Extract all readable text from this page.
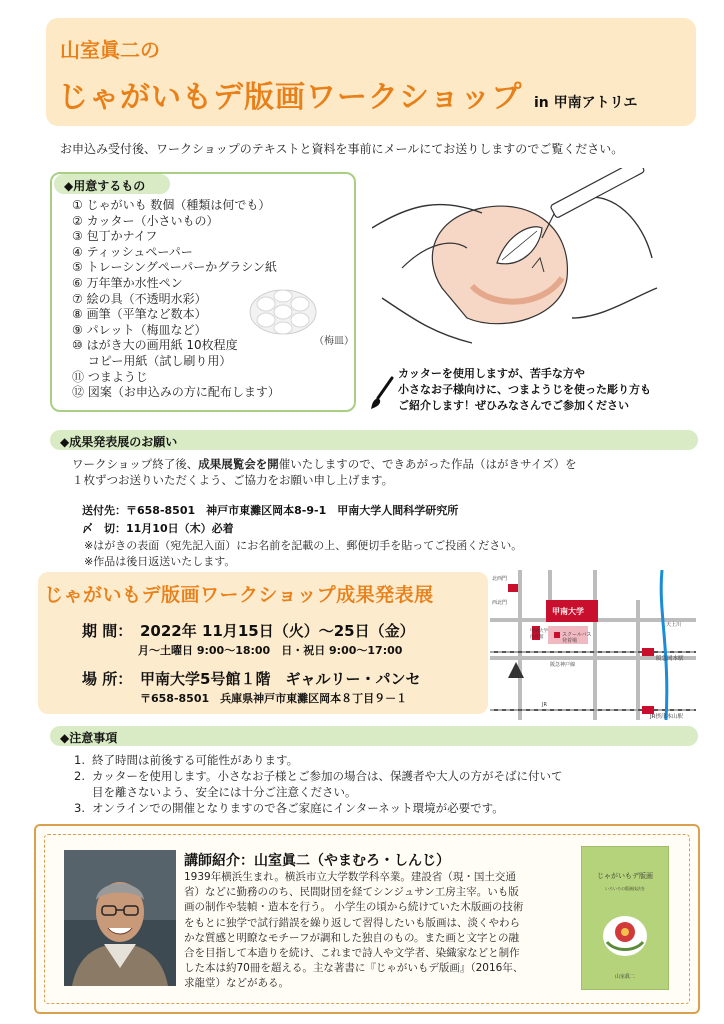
山室眞二の
じゃがいもデ版画ワークショップ in 甲南アトリエ
お申込み受付後、ワークショップのテキストと資料を事前にメールにてお送りしますのでご覧ください。
① じゃがいも 数個（種類は何でも）
② カッター（小さいもの）
③ 包丁かナイフ
④ ティッシュペーパー
⑤ トレーシングペーパーかグラシン紙
⑥ 万年筆か水性ペン
⑦ 絵の具（不透明水彩）
⑧ 画筆（平筆など数本）
⑨ パレット（梅皿など）
⑩ はがき大の画用紙 10枚程度
　 コピー用紙（試し刷り用）
⑪ つまようじ
⑫ 図案（お申込みの方に配布します）
（梅皿）
◆用意するもの
カッターを使用しますが、苦手な方や
小さなお子様向けに、つまようじを使った彫り方も
ご紹介します！ぜひみなさんでご参加ください
◆成果発表展のお願い
ワークショップ終了後、成果展覧会を開催いたしますので、できあがった作品（はがきサイズ）を
１枚ずつお送りいただくよう、ご協力をお願い申し上げます。
送付先：〒658-8501　神戸市東灘区岡本8-9-1　甲南大学人間科学研究所
〆　切：11月10日（木）必着
※はがきの表面（宛先記入面）にお名前を記載の上、郵便切手を貼ってご投函ください。
※作品は後日返送いたします。
じゃがいもデ版画ワークショップ成果発表展
期 間： 2022年 11月15日（火）～25日（金）
月～土曜日 9:00～18:00　日・祝日 9:00～17:00
場 所： 甲南大学5号館１階　ギャルリー・パンセ
〒658-8501　兵庫県神戸市東灘区岡本８丁目９－１
甲南大学
スクールバス
発着場
甲南大学
体育館
北西門
西北門
阪急神戸線
阪急岡本駅
JR
JR摂津本山駅
天上川
◆注意事項
1. 終了時間は前後する可能性があります。
2. カッターを使用します。小さなお子様とご参加の場合は、保護者や大人の方がそばに付いて
目を離さないよう、安全には十分ご注意ください。
3. オンラインでの開催となりますので各ご家庭にインターネット環境が必要です。
講師紹介：山室眞二（やまむろ・しんじ）

1939年横浜生まれ。横浜市立大学数学科卒業。建設省（現・国土交通

省）などに勤務ののち、民間財団を経てシンジュサン工房主宰。いも版

画の制作や装幀・造本を行う。 小学生の頃から続けていた木版画の技術

をもとに独学で試行錯誤を繰り返して習得したいも版画は、淡くやわら

かな質感と明瞭なモチーフが調和した独自のもの。また画と文字との融

合を目指して本造りを続け、これまで詩人や文学者、染織家などと制作

した本は約70冊を超える。主な著書に『じゃがいもデ版画』（2016年、

求龍堂）などがある。

じゃがいもデ版画
いろいろの版画技法を
山室眞二
